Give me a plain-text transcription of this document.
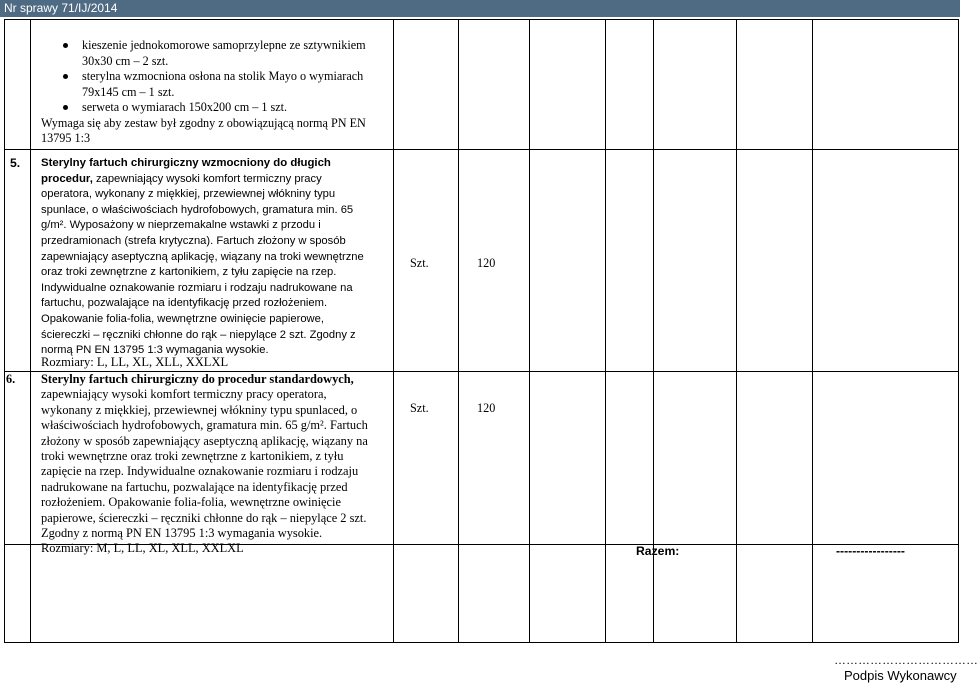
Nr sprawy 71/IJ/2014
kieszenie jednokomorowe samoprzylepne ze sztywnikiem
30x30 cm – 2 szt.
sterylna wzmocniona osłona na stolik Mayo o wymiarach
79x145 cm – 1 szt.
serweta o wymiarach 150x200 cm – 1 szt.
Wymaga się aby zestaw był zgodny z obowiązującą normą PN EN
13795 1:3
5. Sterylny fartuch chirurgiczny wzmocniony do długich
procedur, zapewniający wysoki komfort termiczny pracy
operatora, wykonany z miękkiej, przewiewnej włókniny typu
spunlace, o właściwościach hydrofobowych, gramatura min. 65
g/m². Wyposażony w nieprzemakalne wstawki z przodu i
przedramionach (strefa krytyczna). Fartuch złożony w sposób
zapewniający aseptyczną aplikację, wiązany na troki wewnętrzne
oraz troki zewnętrzne z kartonikiem, z tyłu zapięcie na rzep.
Indywidualne oznakowanie rozmiaru i rodzaju nadrukowane na
fartuchu, pozwalające na identyfikację przed rozłożeniem.
Opakowanie folia-folia, wewnętrzne owinięcie papierowe,
ściereczki – ręczniki chłonne do rąk – niepylące 2 szt. Zgodny z
normą PN EN 13795 1:3 wymagania wysokie.
Rozmiary: L, LL, XL, XLL, XXLXL
Szt.	120
6. Sterylny fartuch chirurgiczny do procedur standardowych,
zapewniający wysoki komfort termiczny pracy operatora,
wykonany z miękkiej, przewiewnej włókniny typu spunlaced, o
właściwościach hydrofobowych, gramatura min. 65 g/m². Fartuch
złożony w sposób zapewniający aseptyczną aplikację, wiązany na
troki wewnętrzne oraz troki zewnętrzne z kartonikiem, z tyłu
zapięcie na rzep. Indywidualne oznakowanie rozmiaru i rodzaju
nadrukowane na fartuchu, pozwalające na identyfikację przed
rozłożeniem. Opakowanie folia-folia, wewnętrzne owinięcie
papierowe, ściereczki – ręczniki chłonne do rąk – niepylące 2 szt.
Zgodny z normą PN EN 13795 1:3 wymagania wysokie.
Rozmiary: M, L, LL, XL, XLL, XXLXL
Szt.	120
Razem:	-----------------
………………………………
Podpis Wykonawcy
